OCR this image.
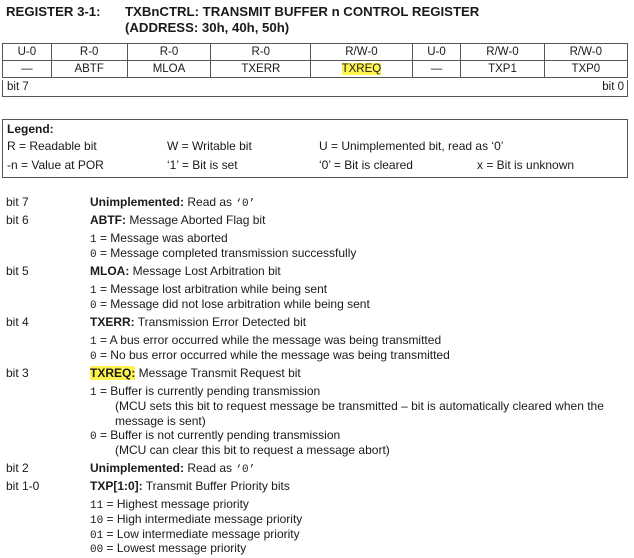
REGISTER 3-1: TXBnCTRL: TRANSMIT BUFFER n CONTROL REGISTER
(ADDRESS: 30h, 40h, 50h)
U-0	R-0	R-0	R-0	R/W-0	U-0	R/W-0	R/W-0
—	ABTF	MLOA	TXERR	TXREQ	—	TXP1	TXP0
bit 7	bit 0
Legend:
R = Readable bit	W = Writable bit	U = Unimplemented bit, read as ‘0’
-n = Value at POR	‘1’ = Bit is set	‘0’ = Bit is cleared	x = Bit is unknown
bit 7	Unimplemented: Read as ‘0’
bit 6	ABTF: Message Aborted Flag bit
1 = Message was aborted
0 = Message completed transmission successfully
bit 5	MLOA: Message Lost Arbitration bit
1 = Message lost arbitration while being sent
0 = Message did not lose arbitration while being sent
bit 4	TXERR: Transmission Error Detected bit
1 = A bus error occurred while the message was being transmitted
0 = No bus error occurred while the message was being transmitted
bit 3	TXREQ: Message Transmit Request bit
1 = Buffer is currently pending transmission
(MCU sets this bit to request message be transmitted – bit is automatically cleared when the
message is sent)
0 = Buffer is not currently pending transmission
(MCU can clear this bit to request a message abort)
bit 2	Unimplemented: Read as ‘0’
bit 1-0	TXP[1:0]: Transmit Buffer Priority bits
11 = Highest message priority
10 = High intermediate message priority
01 = Low intermediate message priority
00 = Lowest message priority
